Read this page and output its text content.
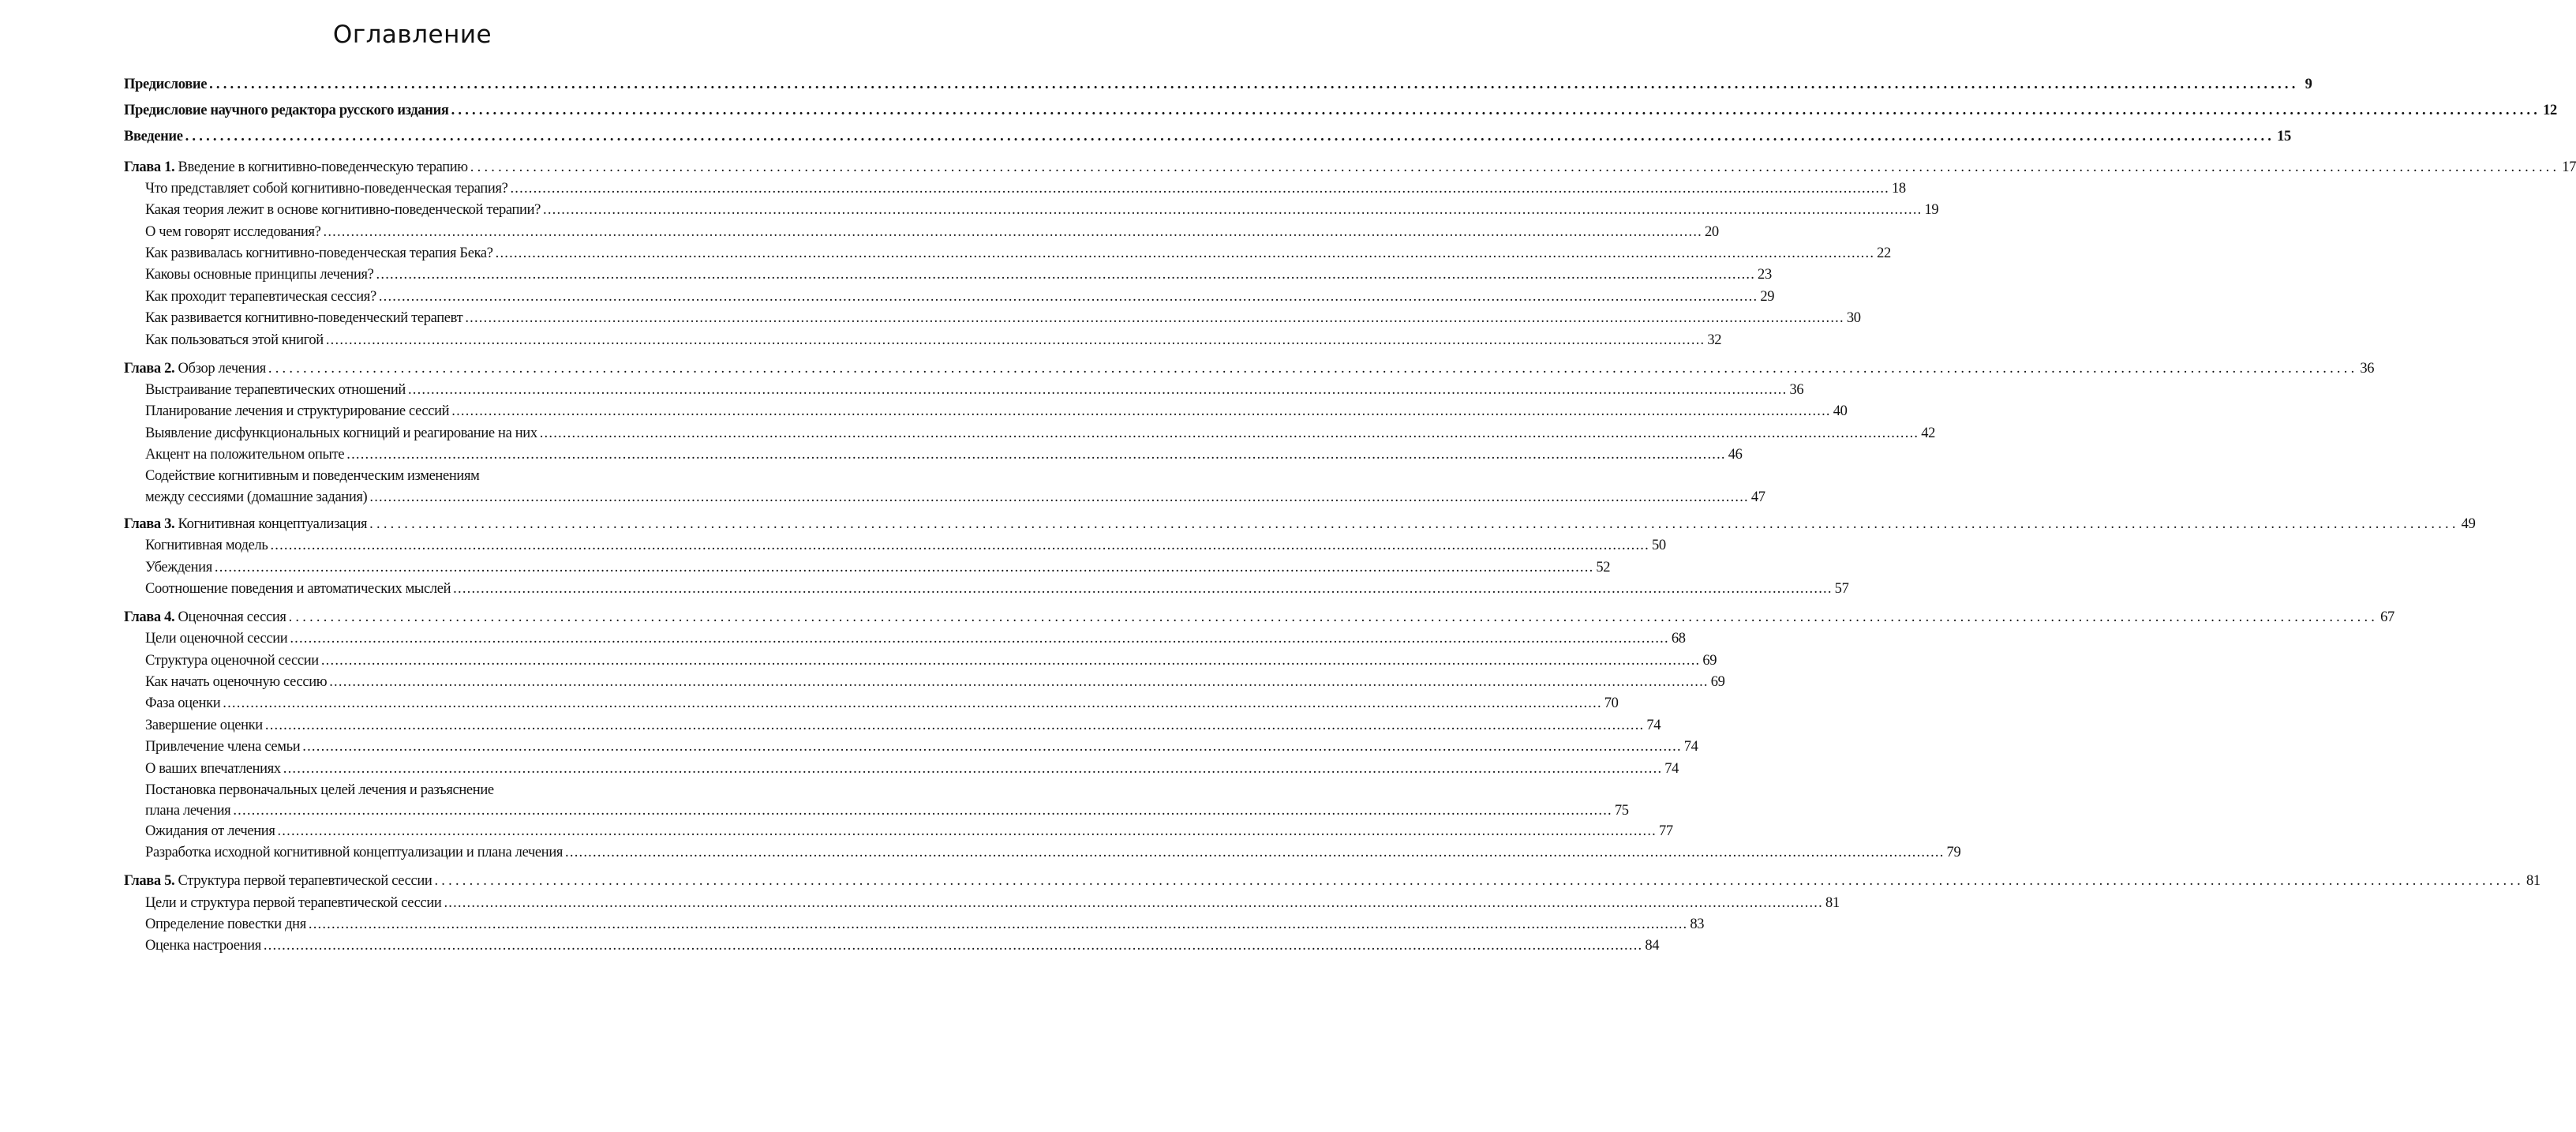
Оглавление
Предисловие ............................................................................................................................................................................................................................................................................................................ 9
Предисловие научного редактора русского издания ............................................................................................................................................................................................................................................................................................................ 12
Введение ............................................................................................................................................................................................................................................................................................................ 15
Глава 1.
Введение в когнитивно-поведенческую терапию ............................................................................................................................................................................................................................................................................................................ 17
Что представляет собой когнитивно-поведенческая терапия? ............................................................................................................................................................................................................................................................................................................ 18
Какая теория лежит в основе когнитивно-поведенческой терапии? ............................................................................................................................................................................................................................................................................................................ 19
О чем говорят исследования? ............................................................................................................................................................................................................................................................................................................ 20
Как развивалась когнитивно-поведенческая терапия Бека? ............................................................................................................................................................................................................................................................................................................ 22
Каковы основные принципы лечения? ............................................................................................................................................................................................................................................................................................................ 23
Как проходит терапевтическая сессия? ............................................................................................................................................................................................................................................................................................................ 29
Как развивается когнитивно-поведенческий терапевт ............................................................................................................................................................................................................................................................................................................ 30
Как пользоваться этой книгой ............................................................................................................................................................................................................................................................................................................ 32
Глава 2.
Обзор лечения ............................................................................................................................................................................................................................................................................................................ 36
Выстраивание терапевтических отношений ............................................................................................................................................................................................................................................................................................................ 36
Планирование лечения и структурирование сессий ............................................................................................................................................................................................................................................................................................................ 40
Выявление дисфункциональных когниций и реагирование на них ............................................................................................................................................................................................................................................................................................................ 42
Акцент на положительном опыте ............................................................................................................................................................................................................................................................................................................ 46
Содействие когнитивным и поведенческим изменениям
между сессиями (домашние задания) ............................................................................................................................................................................................................................................................................................................ 47
Глава 3.
Когнитивная концептуализация ............................................................................................................................................................................................................................................................................................................ 49
Когнитивная модель ............................................................................................................................................................................................................................................................................................................ 50
Убеждения ............................................................................................................................................................................................................................................................................................................ 52
Соотношение поведения и автоматических мыслей ............................................................................................................................................................................................................................................................................................................ 57
Глава 4.
Оценочная сессия ............................................................................................................................................................................................................................................................................................................ 67
Цели оценочной сессии ............................................................................................................................................................................................................................................................................................................ 68
Структура оценочной сессии ............................................................................................................................................................................................................................................................................................................ 69
Как начать оценочную сессию ............................................................................................................................................................................................................................................................................................................ 69
Фаза оценки ............................................................................................................................................................................................................................................................................................................ 70
Завершение оценки ............................................................................................................................................................................................................................................................................................................ 74
Привлечение члена семьи ............................................................................................................................................................................................................................................................................................................ 74
О ваших впечатлениях ............................................................................................................................................................................................................................................................................................................ 74
Постановка первоначальных целей лечения и разъяснение
плана лечения ............................................................................................................................................................................................................................................................................................................ 75
Ожидания от лечения ............................................................................................................................................................................................................................................................................................................ 77
Разработка исходной когнитивной концептуализации и плана лечения ............................................................................................................................................................................................................................................................................................................ 79
Глава 5.
Структура первой терапевтической сессии ............................................................................................................................................................................................................................................................................................................ 81
Цели и структура первой терапевтической сессии ............................................................................................................................................................................................................................................................................................................ 81
Определение повестки дня ............................................................................................................................................................................................................................................................................................................ 83
Оценка настроения ............................................................................................................................................................................................................................................................................................................ 84
